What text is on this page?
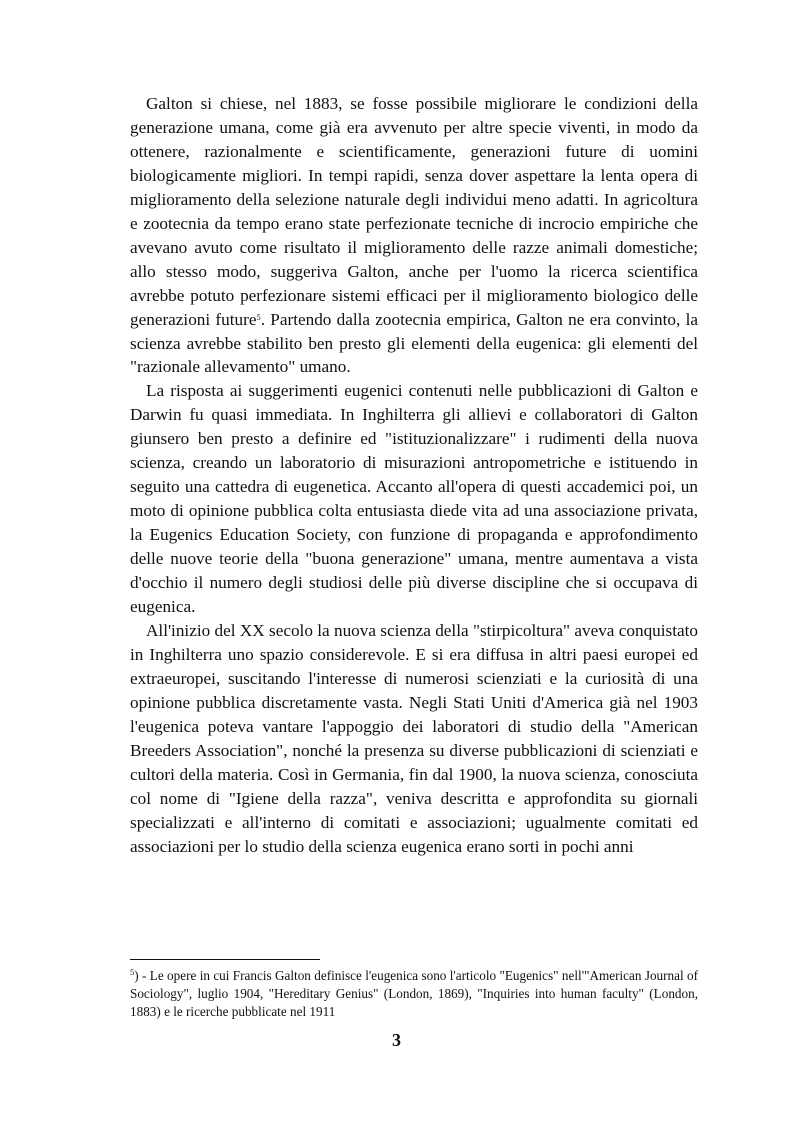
Galton si chiese, nel 1883, se fosse possibile migliorare le condizioni della generazione umana, come già era avvenuto per altre specie viventi, in modo da ottenere, razionalmente e scientificamente, generazioni future di uomini biologicamente migliori. In tempi rapidi, senza dover aspettare la lenta opera di miglioramento della selezione naturale degli individui meno adatti. In agricoltura e zootecnia da tempo erano state perfezionate tecniche di incrocio empiriche che avevano avuto come risultato il miglioramento delle razze animali domestiche; allo stesso modo, suggeriva Galton, anche per l'uomo la ricerca scientifica avrebbe potuto perfezionare sistemi efficaci per il miglioramento biologico delle generazioni future$^5$. Partendo dalla zootecnia empirica, Galton ne era convinto, la scienza avrebbe stabilito ben presto gli elementi della eugenica: gli elementi del "razionale allevamento" umano.

La risposta ai suggerimenti eugenici contenuti nelle pubblicazioni di Galton e Darwin fu quasi immediata. In Inghilterra gli allievi e collaboratori di Galton giunsero ben presto a definire ed "istituzionalizzare" i rudimenti della nuova scienza, creando un laboratorio di misurazioni antropometriche e istituendo in seguito una cattedra di eugenetica. Accanto all'opera di questi accademici poi, un moto di opinione pubblica colta entusiasta diede vita ad una associazione privata, la Eugenics Education Society, con funzione di propaganda e approfondimento delle nuove teorie della "buona generazione" umana, mentre aumentava a vista d'occhio il numero degli studiosi delle più diverse discipline che si occupava di eugenica.

All'inizio del XX secolo la nuova scienza della "stirpicoltura" aveva conquistato in Inghilterra uno spazio considerevole. E si era diffusa in altri paesi europei ed extraeuropei, suscitando l'interesse di numerosi scienziati e la curiosità di una opinione pubblica discretamente vasta. Negli Stati Uniti d'America già nel 1903 l'eugenica poteva vantare l'appoggio dei laboratori di studio della "American Breeders Association", nonché la presenza su diverse pubblicazioni di scienziati e cultori della materia. Così in Germania, fin dal 1900, la nuova scienza, conosciuta col nome di "Igiene della razza", veniva descritta e approfondita su giornali specializzati e all'interno di comitati e associazioni; ugualmente comitati ed associazioni per lo studio della scienza eugenica erano sorti in pochi anni

$^5$) - Le opere in cui Francis Galton definisce l'eugenica sono l'articolo "Eugenics" nell'"American Journal of Sociology", luglio 1904, "Hereditary Genius" (London, 1869), "Inquiries into human faculty" (London, 1883) e le ricerche pubblicate nel 1911

3
